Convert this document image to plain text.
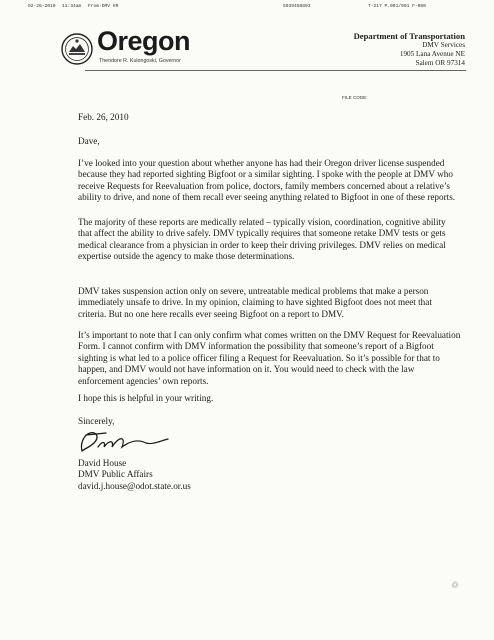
02-26-2010 11:34am From-DMV HR	5039450893	T-217 P.001/001 F-080
Oregon
Theodore R. Kulongoski, Governor
Department of Transportation
DMV Services
1905 Lana Avenue NE
Salem OR 97314
FILE CODE:

Feb. 26, 2010

Dave,

I’ve looked into your question about whether anyone has had their Oregon driver license suspended because they had reported sighting Bigfoot or a similar sighting. I spoke with the people at DMV who receive Requests for Reevaluation from police, doctors, family members concerned about a relative’s ability to drive, and none of them recall ever seeing anything related to Bigfoot in one of these reports.

The majority of these reports are medically related – typically vision, coordination, cognitive ability that affect the ability to drive safely. DMV typically requires that someone retake DMV tests or gets medical clearance from a physician in order to keep their driving privileges. DMV relies on medical expertise outside the agency to make those determinations.

DMV takes suspension action only on severe, untreatable medical problems that make a person immediately unsafe to drive. In my opinion, claiming to have sighted Bigfoot does not meet that criteria. But no one here recalls ever seeing Bigfoot on a report to DMV.

It’s important to note that I can only confirm what comes written on the DMV Request for Reevaluation Form. I cannot confirm with DMV information the possibility that someone’s report of a Bigfoot sighting is what led to a police officer filing a Request for Reevaluation. So it’s possible for that to happen, and DMV would not have information on it. You would need to check with the law enforcement agencies’ own reports.

I hope this is helpful in your writing.

Sincerely,

David House
DMV Public Affairs
david.j.house@odot.state.or.us
♲
